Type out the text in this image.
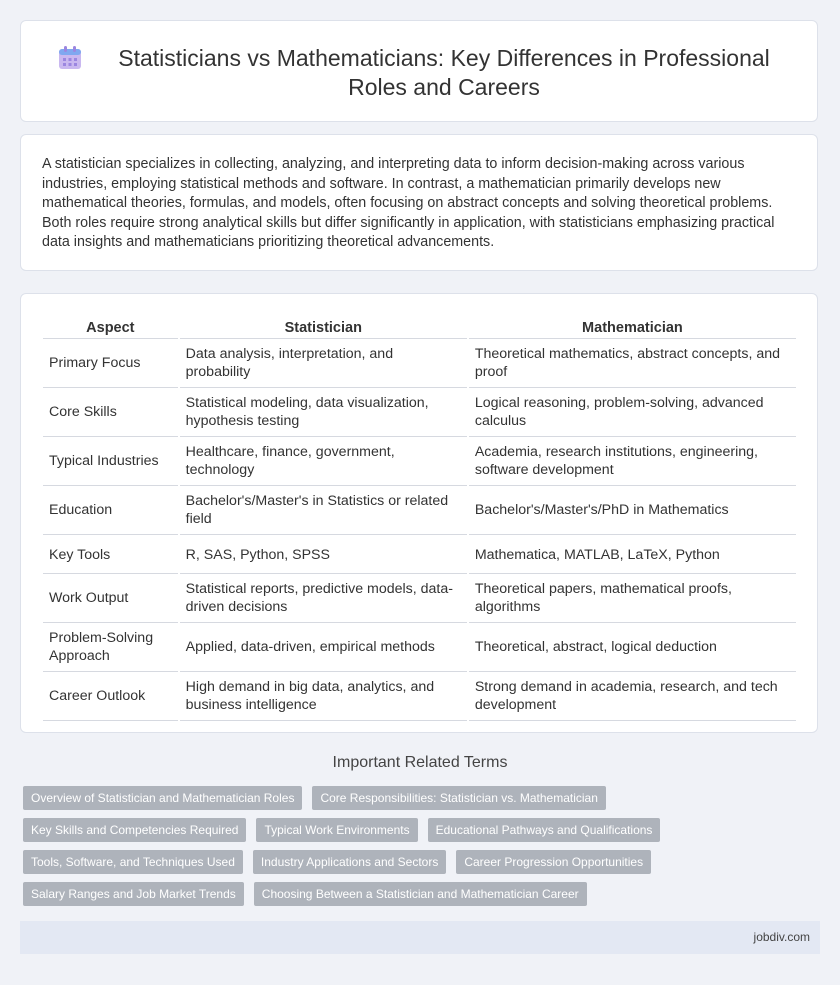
Statisticians vs Mathematicians: Key Differences in Professional Roles and Careers

A statistician specializes in collecting, analyzing, and interpreting data to inform decision-making across various industries, employing statistical methods and software. In contrast, a mathematician primarily develops new mathematical theories, formulas, and models, often focusing on abstract concepts and solving theoretical problems. Both roles require strong analytical skills but differ significantly in application, with statisticians emphasizing practical data insights and mathematicians prioritizing theoretical advancements.

Aspect	Statistician	Mathematician
Primary Focus	Data analysis, interpretation, and probability	Theoretical mathematics, abstract concepts, and proof
Core Skills	Statistical modeling, data visualization, hypothesis testing	Logical reasoning, problem-solving, advanced calculus
Typical Industries	Healthcare, finance, government, technology	Academia, research institutions, engineering, software development
Education	Bachelor's/Master's in Statistics or related field	Bachelor's/Master's/PhD in Mathematics
Key Tools	R, SAS, Python, SPSS	Mathematica, MATLAB, LaTeX, Python
Work Output	Statistical reports, predictive models, data-driven decisions	Theoretical papers, mathematical proofs, algorithms
Problem-Solving Approach	Applied, data-driven, empirical methods	Theoretical, abstract, logical deduction
Career Outlook	High demand in big data, analytics, and business intelligence	Strong demand in academia, research, and tech development
Important Related Terms
Overview of Statistician and Mathematician Roles	Core Responsibilities: Statistician vs. Mathematician
Key Skills and Competencies Required	Typical Work Environments	Educational Pathways and Qualifications
Tools, Software, and Techniques Used	Industry Applications and Sectors	Career Progression Opportunities
Salary Ranges and Job Market Trends	Choosing Between a Statistician and Mathematician Career
jobdiv.com
